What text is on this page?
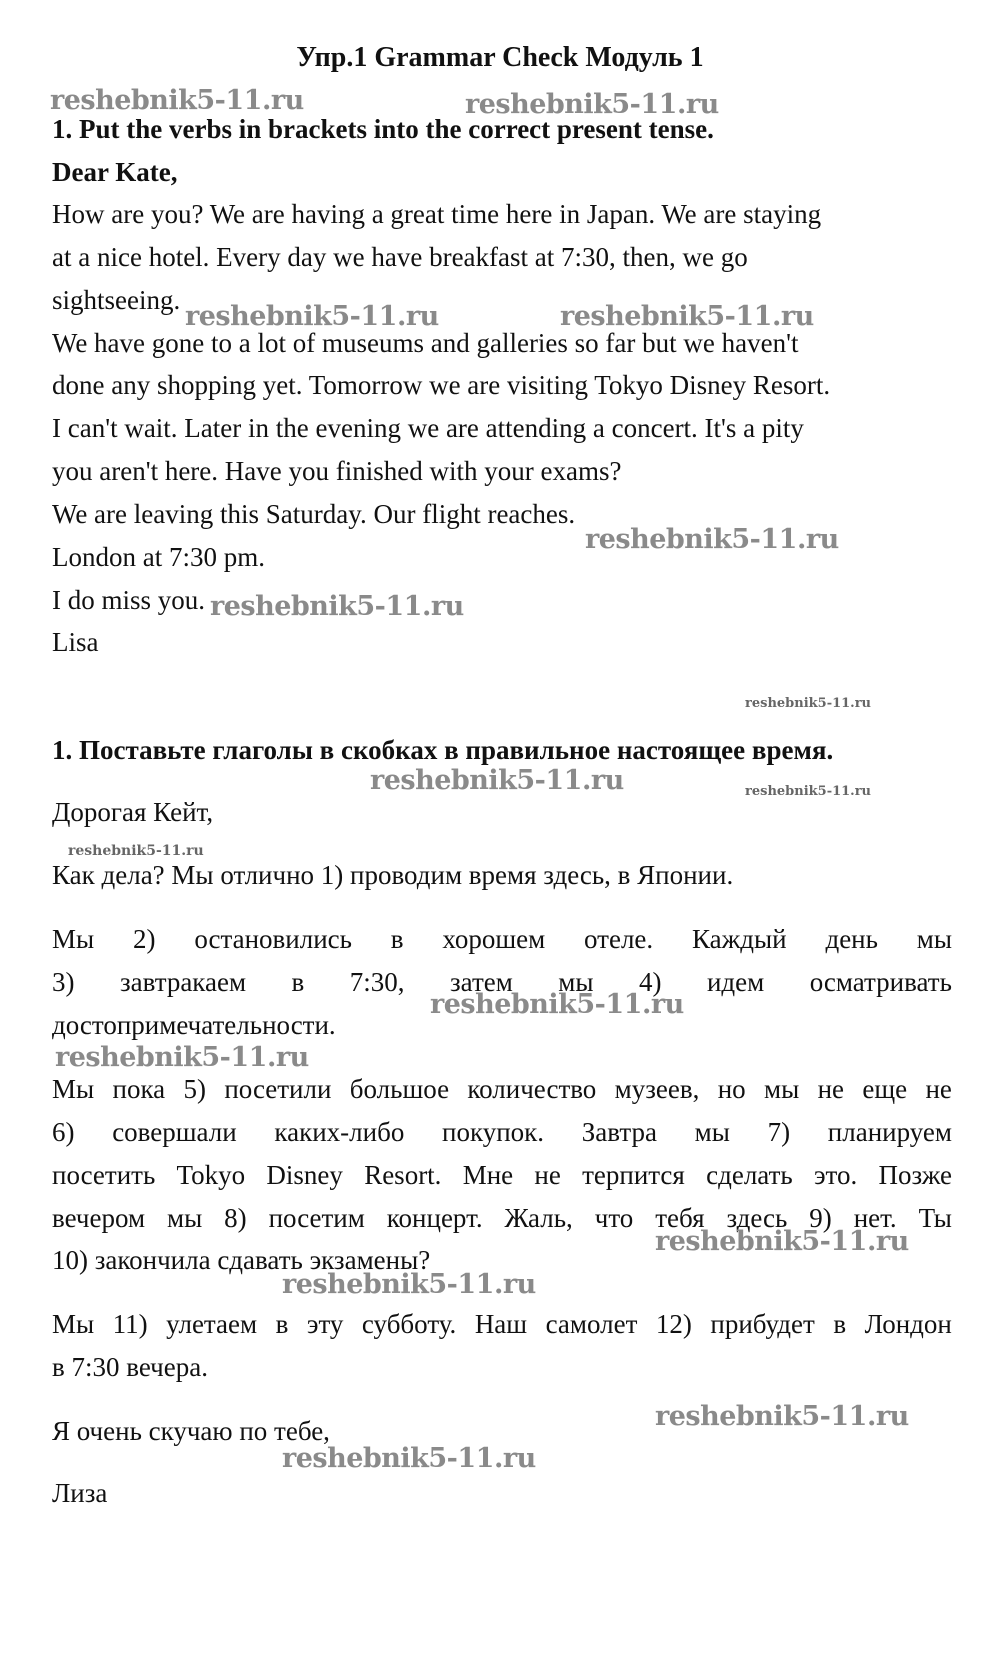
Упр.1 Grammar Check Модуль 1
reshebnik5-11.ru	reshebnik5-11.ru
1. Put the verbs in brackets into the correct present tense.
Dear Kate,
How are you? We are having a great time here in Japan. We are staying
at a nice hotel. Every day we have breakfast at 7:30, then, we go
sightseeing.
reshebnik5-11.ru	reshebnik5-11.ru
We have gone to a lot of museums and galleries so far but we haven't
done any shopping yet. Tomorrow we are visiting Tokyo Disney Resort.
I can't wait. Later in the evening we are attending a concert. It's a pity
you aren't here. Have you finished with your exams?
We are leaving this Saturday. Our flight reaches.
reshebnik5-11.ru
London at 7:30 pm.
I do miss you. reshebnik5-11.ru
Lisa
reshebnik5-11.ru
1. Поставьте глаголы в скобках в правильное настоящее время.
reshebnik5-11.ru	reshebnik5-11.ru
Дорогая Кейт,
reshebnik5-11.ru
Как дела? Мы отлично 1) проводим время здесь, в Японии.
Мы 2) остановились в хорошем отеле. Каждый день мы
3) завтракаем в 7:30, затем мы 4) идем осматривать
reshebnik5-11.ru
достопримечательности.
reshebnik5-11.ru
Мы пока 5) посетили большое количество музеев, но мы не еще не
6) совершали каких-либо покупок. Завтра мы 7) планируем
посетить Tokyo Disney Resort. Мне не терпится сделать это. Позже
вечером мы 8) посетим концерт. Жаль, что тебя здесь 9) нет. Ты
reshebnik5-11.ru
10) закончила сдавать экзамены?
reshebnik5-11.ru
Мы 11) улетаем в эту субботу. Наш самолет 12) прибудет в Лондон
в 7:30 вечера.
reshebnik5-11.ru
Я очень скучаю по тебе,
reshebnik5-11.ru
Лиза
